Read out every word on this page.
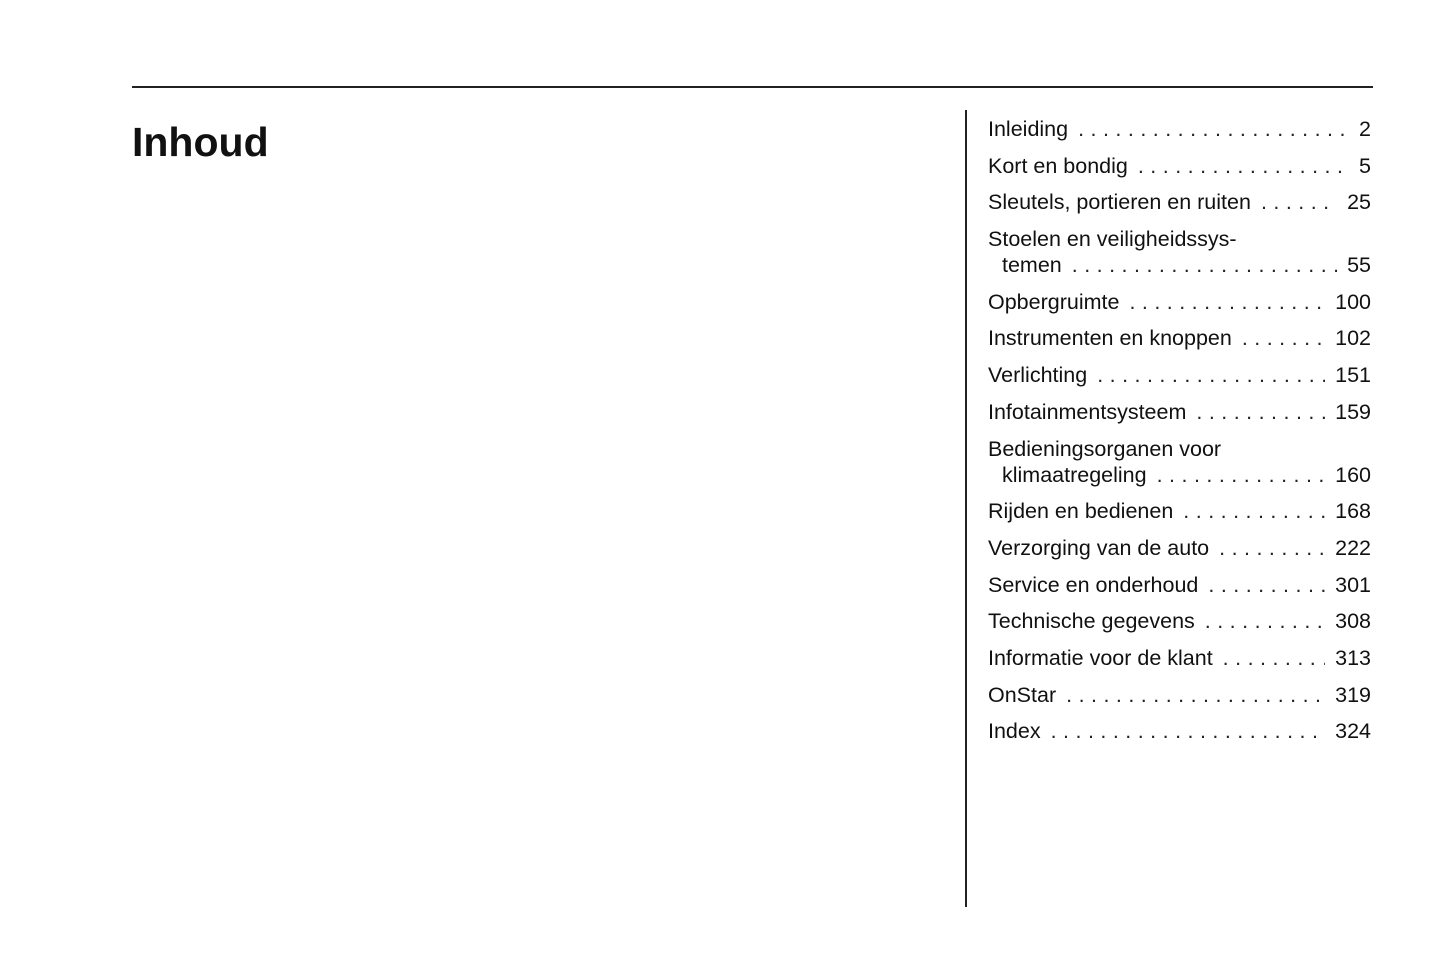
Inhoud	Inleiding . . .	2
Kort en bondig . . .	5
Sleutels, portieren en ruiten . . .	25
Stoelen en veiligheidssys-
temen . . .	55
Opbergruimte . . .	100
Instrumenten en knoppen . . .	102
Verlichting . . .	151
Infotainmentsysteem . . .	159
Bedieningsorganen voor
klimaatregeling . . .	160
Rijden en bedienen . . .	168
Verzorging van de auto . . .	222
Service en onderhoud . . .	301
Technische gegevens . . .	308
Informatie voor de klant . . .	313
OnStar . . .	319
Index . . .	324
